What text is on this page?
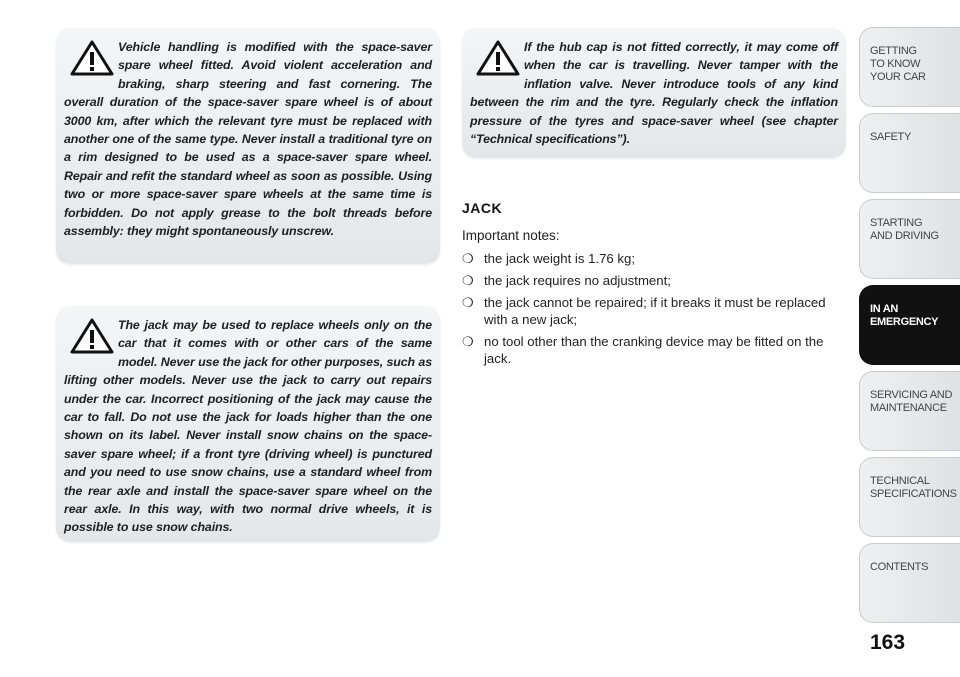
Vehicle handling is modified with the space-saver spare wheel fitted. Avoid violent acceleration and braking, sharp steering and fast cornering. The overall duration of the space-saver spare wheel is of about 3000 km, after which the relevant tyre must be replaced with another one of the same type. Never install a traditional tyre on a rim designed to be used as a space-saver spare wheel. Repair and refit the standard wheel as soon as possible. Using two or more space-saver spare wheels at the same time is forbidden. Do not apply grease to the bolt threads before assembly: they might spontaneously unscrew.
The jack may be used to replace wheels only on the car that it comes with or other cars of the same model. Never use the jack for other purposes, such as lifting other models. Never use the jack to carry out repairs under the car. Incorrect positioning of the jack may cause the car to fall. Do not use the jack for loads higher than the one shown on its label. Never install snow chains on the space-saver spare wheel; if a front tyre (driving wheel) is punctured and you need to use snow chains, use a standard wheel from the rear axle and install the space-saver spare wheel on the rear axle. In this way, with two normal drive wheels, it is possible to use snow chains.
If the hub cap is not fitted correctly, it may come off when the car is travelling. Never tamper with the inflation valve. Never introduce tools of any kind between the rim and the tyre. Regularly check the inflation pressure of the tyres and space-saver wheel (see chapter “Technical specifications”).
JACK
Important notes:
❍ the jack weight is 1.76 kg;
❍ the jack requires no adjustment;
❍ the jack cannot be repaired; if it breaks it must be replaced with a new jack;
❍ no tool other than the cranking device may be fitted on the jack.
GETTING
TO KNOW
YOUR CAR
SAFETY
STARTING
AND DRIVING
IN AN
EMERGENCY
SERVICING AND
MAINTENANCE
TECHNICAL
SPECIFICATIONS
CONTENTS
163
